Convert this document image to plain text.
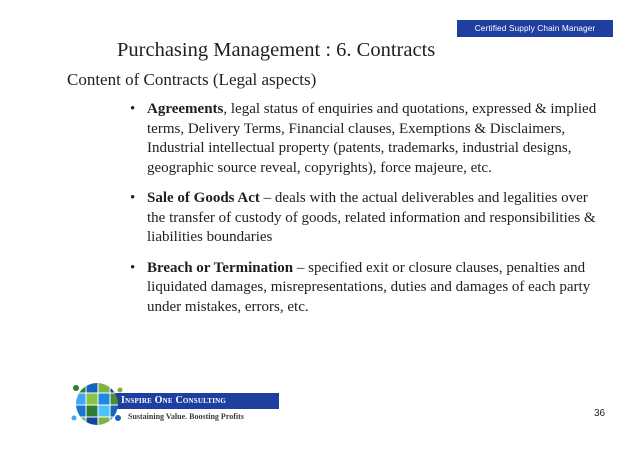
Certified Supply Chain Manager
Purchasing Management : 6. Contracts
Content of Contracts (Legal aspects)
• Agreements, legal status of enquiries and quotations, expressed & implied terms, Delivery Terms, Financial clauses, Exemptions & Disclaimers, Industrial intellectual property (patents, trademarks, industrial designs, geographic source reveal, copyrights), force majeure, etc.
• Sale of Goods Act – deals with the actual deliverables and legalities over the transfer of custody of goods, related information and responsibilities & liabilities boundaries
• Breach or Termination – specified exit or closure clauses, penalties and liquidated damages, misrepresentations, duties and damages of each party under mistakes, errors, etc.
Inspire One Consulting
Sustaining Value. Boosting Profits	36
